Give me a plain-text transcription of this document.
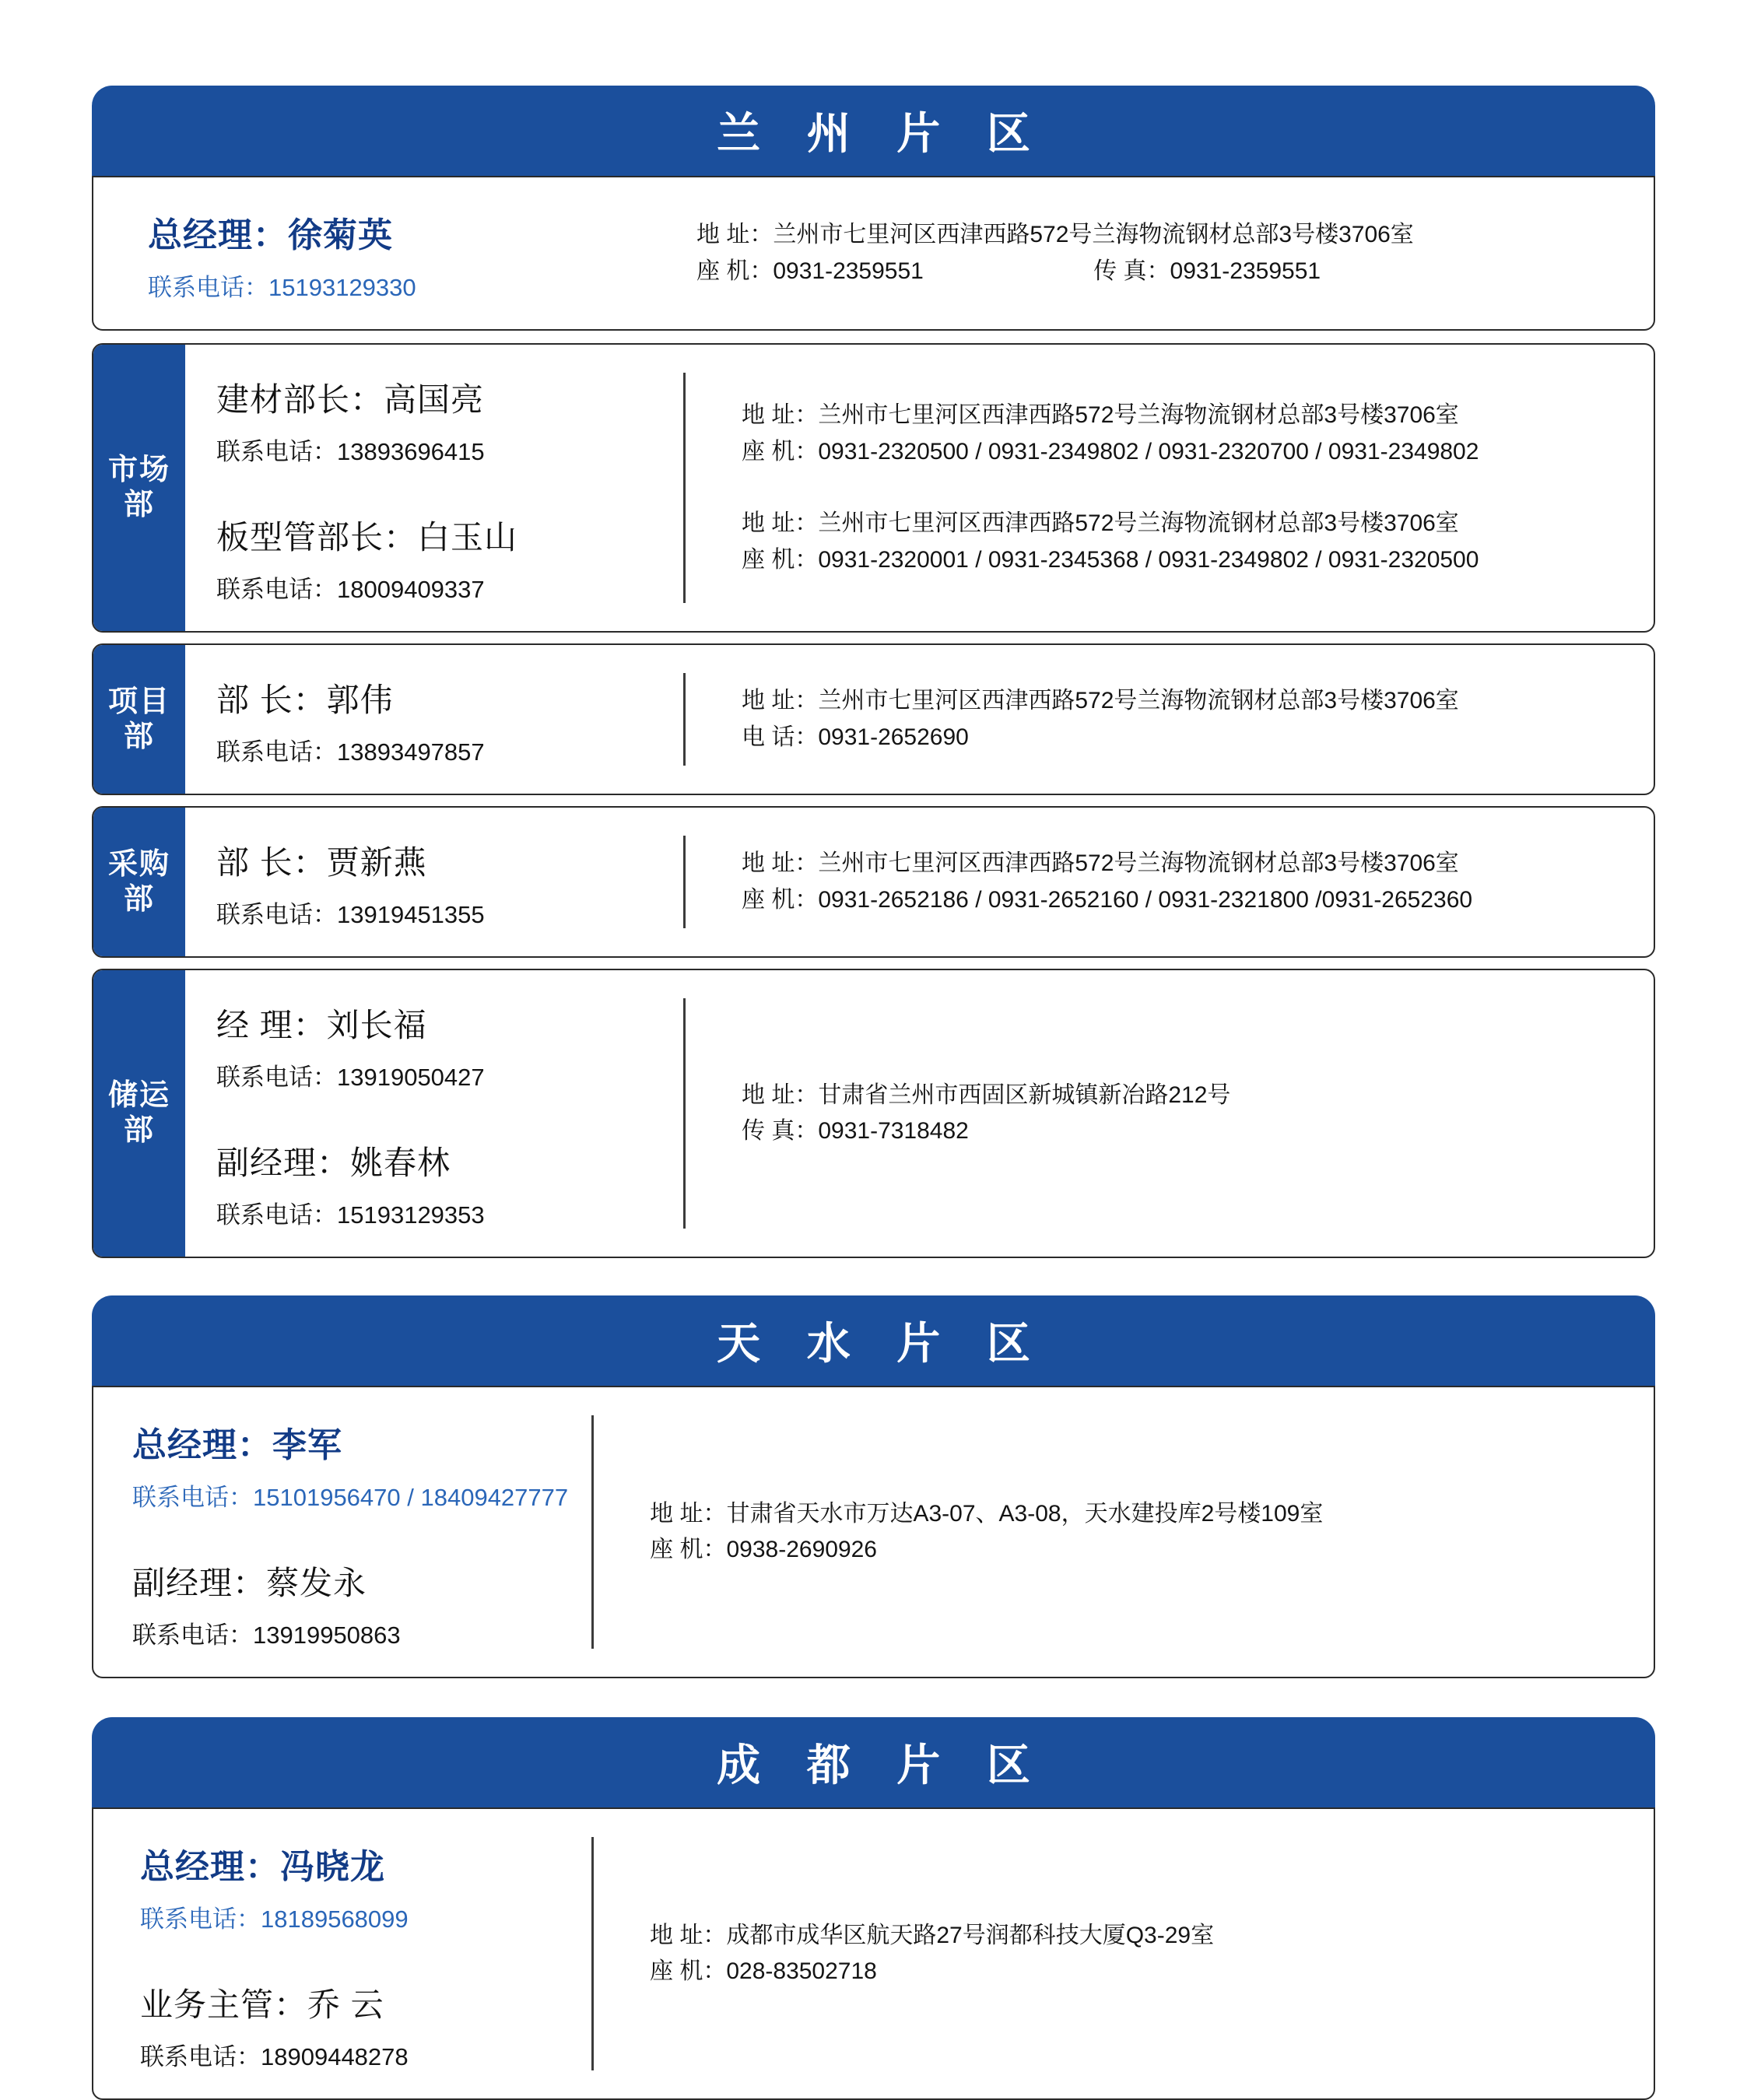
兰 州 片 区
总经理：徐菊英
联系电话：15193129330
地 址：兰州市七里河区西津西路572号兰海物流钢材总部3号楼3706室
座 机：0931-2359551	传 真：0931-2359551
市场部
建材部长：高国亮
联系电话：13893696415
板型管部长：白玉山
联系电话：18009409337
地 址：兰州市七里河区西津西路572号兰海物流钢材总部3号楼3706室
座 机：0931-2320500 / 0931-2349802 / 0931-2320700 / 0931-2349802
地 址：兰州市七里河区西津西路572号兰海物流钢材总部3号楼3706室
座 机：0931-2320001 / 0931-2345368 / 0931-2349802 / 0931-2320500
项目部
部 长：郭伟
联系电话：13893497857
地 址：兰州市七里河区西津西路572号兰海物流钢材总部3号楼3706室
电 话：0931-2652690
采购部
部 长：贾新燕
联系电话：13919451355
地 址：兰州市七里河区西津西路572号兰海物流钢材总部3号楼3706室
座 机：0931-2652186 / 0931-2652160 / 0931-2321800 /0931-2652360
储运部
经 理：刘长福
联系电话：13919050427
副经理：姚春林
联系电话：15193129353
地 址：甘肃省兰州市西固区新城镇新冶路212号
传 真：0931-7318482
天 水 片 区
总经理：李军
联系电话：15101956470 / 18409427777
副经理：蔡发永
联系电话：13919950863
地 址：甘肃省天水市万达A3-07、A3-08，天水建投库2号楼109室
座 机：0938-2690926
成 都 片 区
总经理：冯晓龙
联系电话：18189568099
业务主管：乔 云
联系电话：18909448278
地 址：成都市成华区航天路27号润都科技大厦Q3-29室
座 机：028-83502718
